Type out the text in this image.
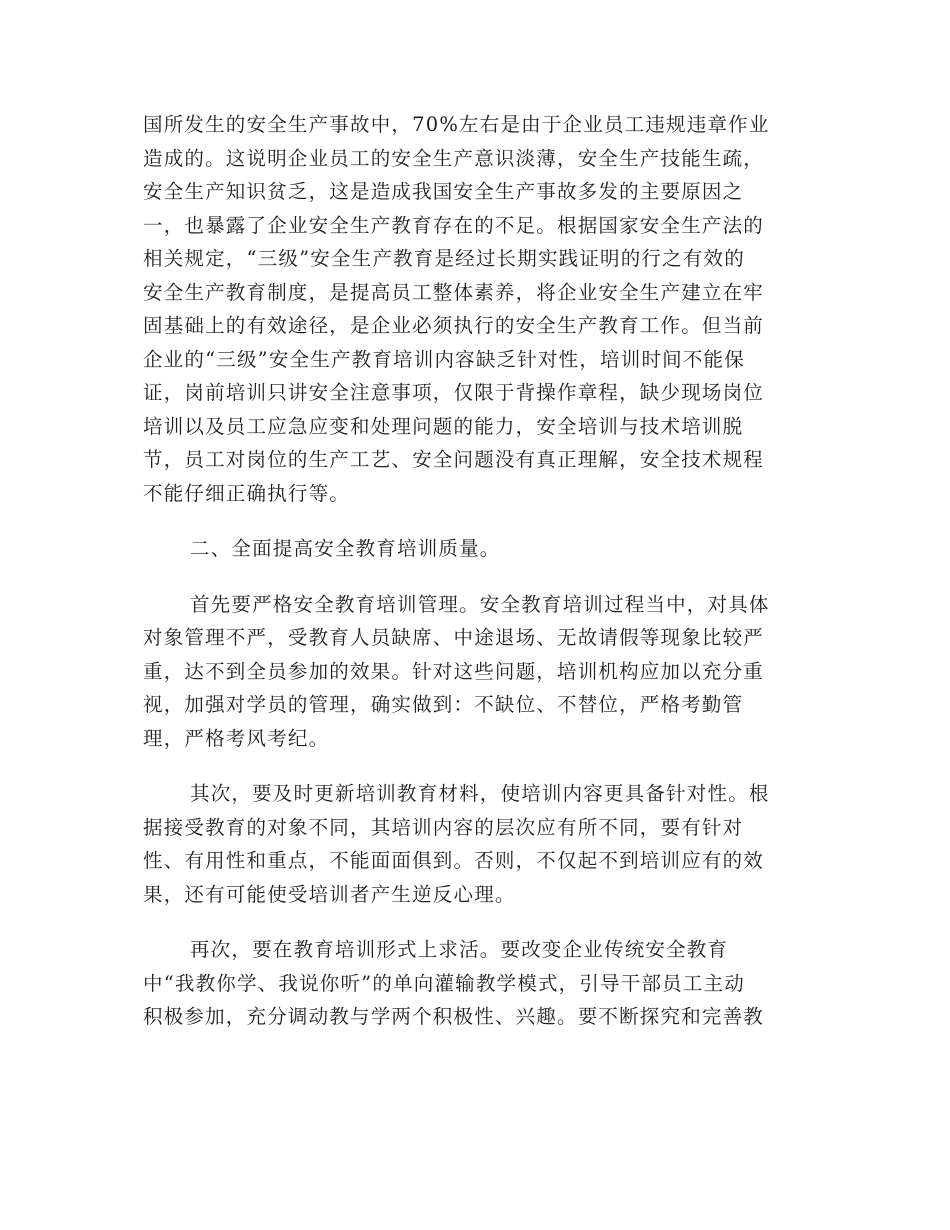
国所发生的安全生产事故中，70%左右是由于企业员工违规违章作业
造成的。这说明企业员工的安全生产意识淡薄，安全生产技能生疏，
安全生产知识贫乏，这是造成我国安全生产事故多发的主要原因之
一，也暴露了企业安全生产教育存在的不足。根据国家安全生产法的
相关规定，“三级”安全生产教育是经过长期实践证明的行之有效的
安全生产教育制度，是提高员工整体素养，将企业安全生产建立在牢
固基础上的有效途径，是企业必须执行的安全生产教育工作。但当前
企业的“三级”安全生产教育培训内容缺乏针对性，培训时间不能保
证，岗前培训只讲安全注意事项，仅限于背操作章程，缺少现场岗位
培训以及员工应急应变和处理问题的能力，安全培训与技术培训脱
节，员工对岗位的生产工艺、安全问题没有真正理解，安全技术规程
不能仔细正确执行等。
二、全面提高安全教育培训质量。
首先要严格安全教育培训管理。安全教育培训过程当中，对具体
对象管理不严，受教育人员缺席、中途退场、无故请假等现象比较严
重，达不到全员参加的效果。针对这些问题，培训机构应加以充分重
视，加强对学员的管理，确实做到：不缺位、不替位，严格考勤管
理，严格考风考纪。
其次，要及时更新培训教育材料，使培训内容更具备针对性。根
据接受教育的对象不同，其培训内容的层次应有所不同，要有针对
性、有用性和重点，不能面面俱到。否则，不仅起不到培训应有的效
果，还有可能使受培训者产生逆反心理。
再次，要在教育培训形式上求活。要改变企业传统安全教育
中“我教你学、我说你听”的单向灌输教学模式，引导干部员工主动
积极参加，充分调动教与学两个积极性、兴趣。要不断探究和完善教
